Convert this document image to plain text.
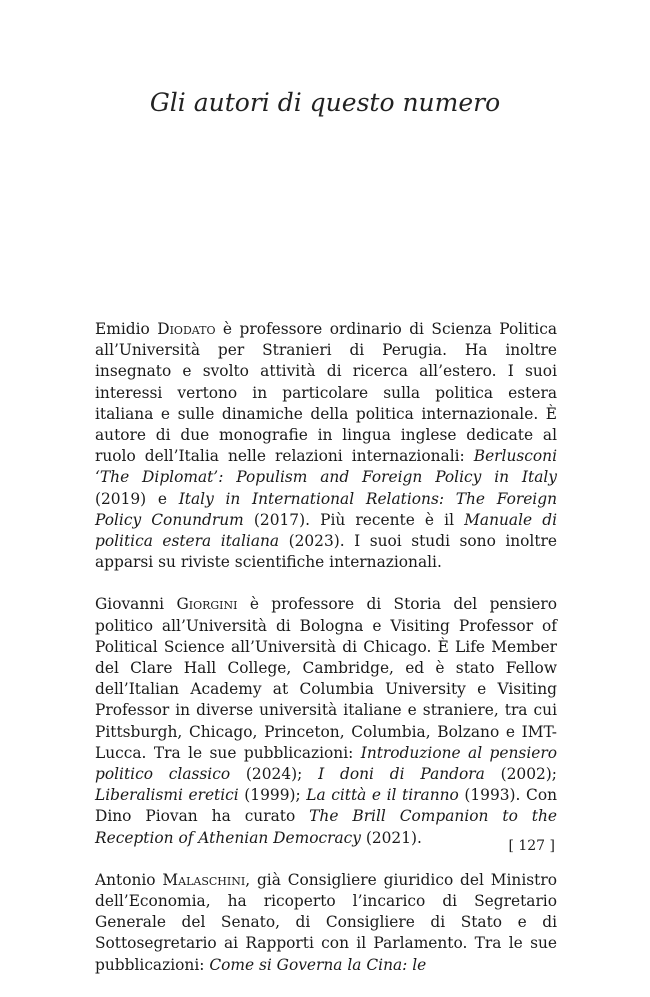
Gli autori di questo numero

Emidio Diodato è professore ordinario di Scienza Politica all’Università per Stranieri di Perugia. Ha inoltre insegnato e svolto attività di ricerca all’estero. I suoi interessi vertono in particolare sulla politica estera italiana e sulle dinamiche della politica internazionale. È autore di due monografie in lingua inglese dedicate al ruolo dell’Italia nelle relazioni internazionali: Berlusconi ‘The Diplomat’: Populism and Foreign Policy in Italy (2019) e Italy in International Relations: The Foreign Policy Conundrum (2017). Più recente è il Manuale di politica estera italiana (2023). I suoi studi sono inoltre apparsi su riviste scientifiche internazionali.

Giovanni Giorgini è professore di Storia del pensiero politico all’Università di Bologna e Visiting Professor of Political Science all’Università di Chicago. È Life Member del Clare Hall College, Cambridge, ed è stato Fellow dell’Italian Academy at Columbia University e Visiting Professor in diverse università italiane e straniere, tra cui Pittsburgh, Chicago, Princeton, Columbia, Bolzano e IMT-Lucca. Tra le sue pubblicazioni: Introduzione al pensiero politico classico (2024); I doni di Pandora (2002); Liberalismi eretici (1999); La città e il tiranno (1993). Con Dino Piovan ha curato The Brill Companion to the Reception of Athenian Democracy (2021).

Antonio Malaschini, già Consigliere giuridico del Ministro dell’Economia, ha ricoperto l’incarico di Segretario Generale del Senato, di Consigliere di Stato e di Sottosegretario ai Rapporti con il Parlamento. Tra le sue pubblicazioni: Come si Governa la Cina: le

[ 127 ]
